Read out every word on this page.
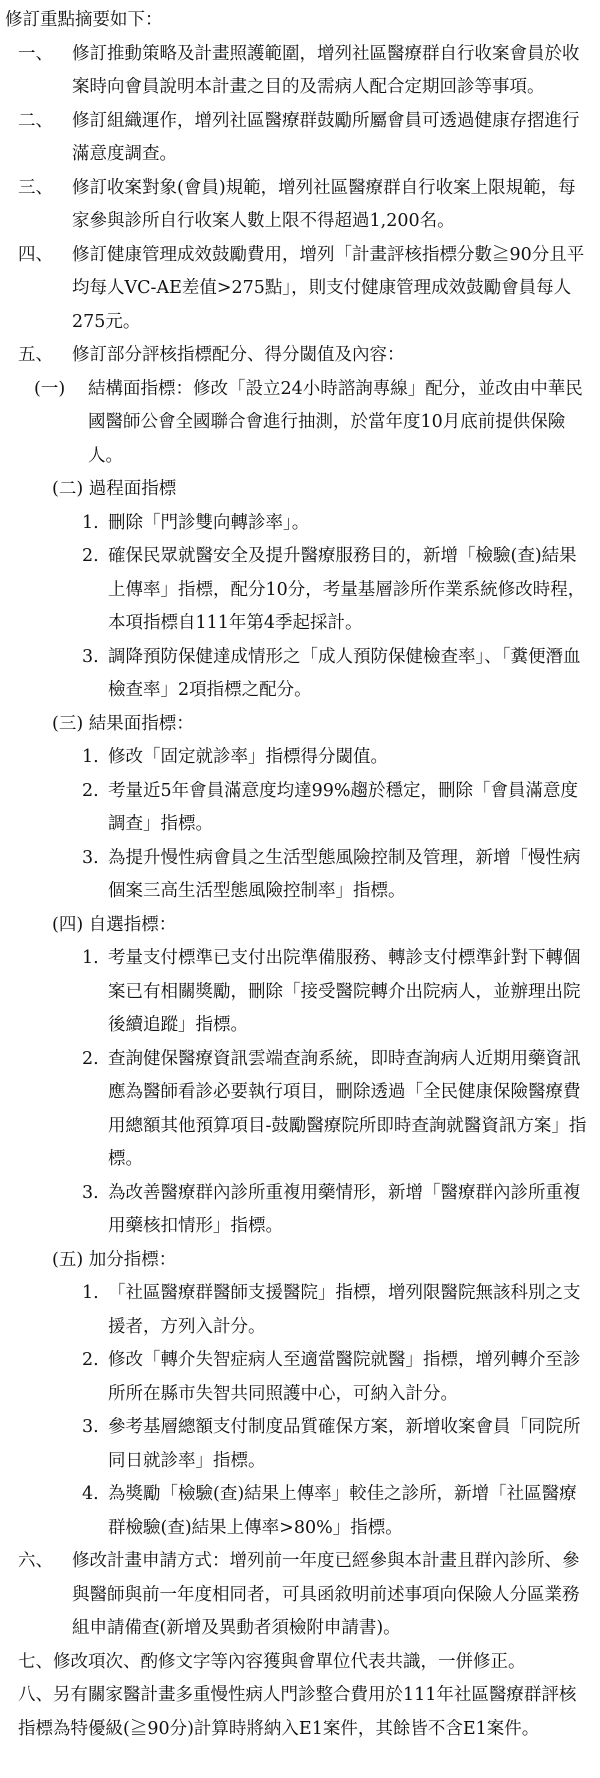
修訂重點摘要如下：
一、 修訂推動策略及計畫照護範圍，增列社區醫療群自行收案會員於收案時向會員說明本計畫之目的及需病人配合定期回診等事項。
二、 修訂組織運作，增列社區醫療群鼓勵所屬會員可透過健康存摺進行滿意度調查。
三、 修訂收案對象(會員)規範，增列社區醫療群自行收案上限規範，每家參與診所自行收案人數上限不得超過1,200名。
四、 修訂健康管理成效鼓勵費用，增列「計畫評核指標分數≧90分且平均每人VC-AE差值>275點」，則支付健康管理成效鼓勵會員每人275元。
五、 修訂部分評核指標配分、得分閾值及內容：
(一) 結構面指標：修改「設立24小時諮詢專線」配分，並改由中華民國醫師公會全國聯合會進行抽測，於當年度10月底前提供保險人。
(二) 過程面指標
1. 刪除「門診雙向轉診率」。
2. 確保民眾就醫安全及提升醫療服務目的，新增「檢驗(查)結果上傳率」指標，配分10分，考量基層診所作業系統修改時程，本項指標自111年第4季起採計。
3. 調降預防保健達成情形之「成人預防保健檢查率」、「糞便潛血檢查率」2項指標之配分。
(三) 結果面指標：
1. 修改「固定就診率」指標得分閾值。
2. 考量近5年會員滿意度均達99%趨於穩定，刪除「會員滿意度調查」指標。
3. 為提升慢性病會員之生活型態風險控制及管理，新增「慢性病個案三高生活型態風險控制率」指標。
(四) 自選指標：
1. 考量支付標準已支付出院準備服務、轉診支付標準針對下轉個案已有相關獎勵，刪除「接受醫院轉介出院病人，並辦理出院後續追蹤」指標。
2. 查詢健保醫療資訊雲端查詢系統，即時查詢病人近期用藥資訊應為醫師看診必要執行項目，刪除透過「全民健康保險醫療費用總額其他預算項目-鼓勵醫療院所即時查詢就醫資訊方案」指標。
3. 為改善醫療群內診所重複用藥情形，新增「醫療群內診所重複用藥核扣情形」指標。
(五) 加分指標：
1. 「社區醫療群醫師支援醫院」指標，增列限醫院無該科別之支援者，方列入計分。
2. 修改「轉介失智症病人至適當醫院就醫」指標，增列轉介至診所所在縣市失智共同照護中心，可納入計分。
3. 參考基層總額支付制度品質確保方案，新增收案會員「同院所同日就診率」指標。
4. 為獎勵「檢驗(查)結果上傳率」較佳之診所，新增「社區醫療群檢驗(查)結果上傳率>80%」指標。
六、 修改計畫申請方式：增列前一年度已經參與本計畫且群內診所、參與醫師與前一年度相同者，可具函敘明前述事項向保險人分區業務組申請備查(新增及異動者須檢附申請書)。
七、修改項次、酌修文字等內容獲與會單位代表共識，一併修正。
八、另有關家醫計畫多重慢性病人門診整合費用於111年社區醫療群評核指標為特優級(≧90分)計算時將納入E1案件，其餘皆不含E1案件。
